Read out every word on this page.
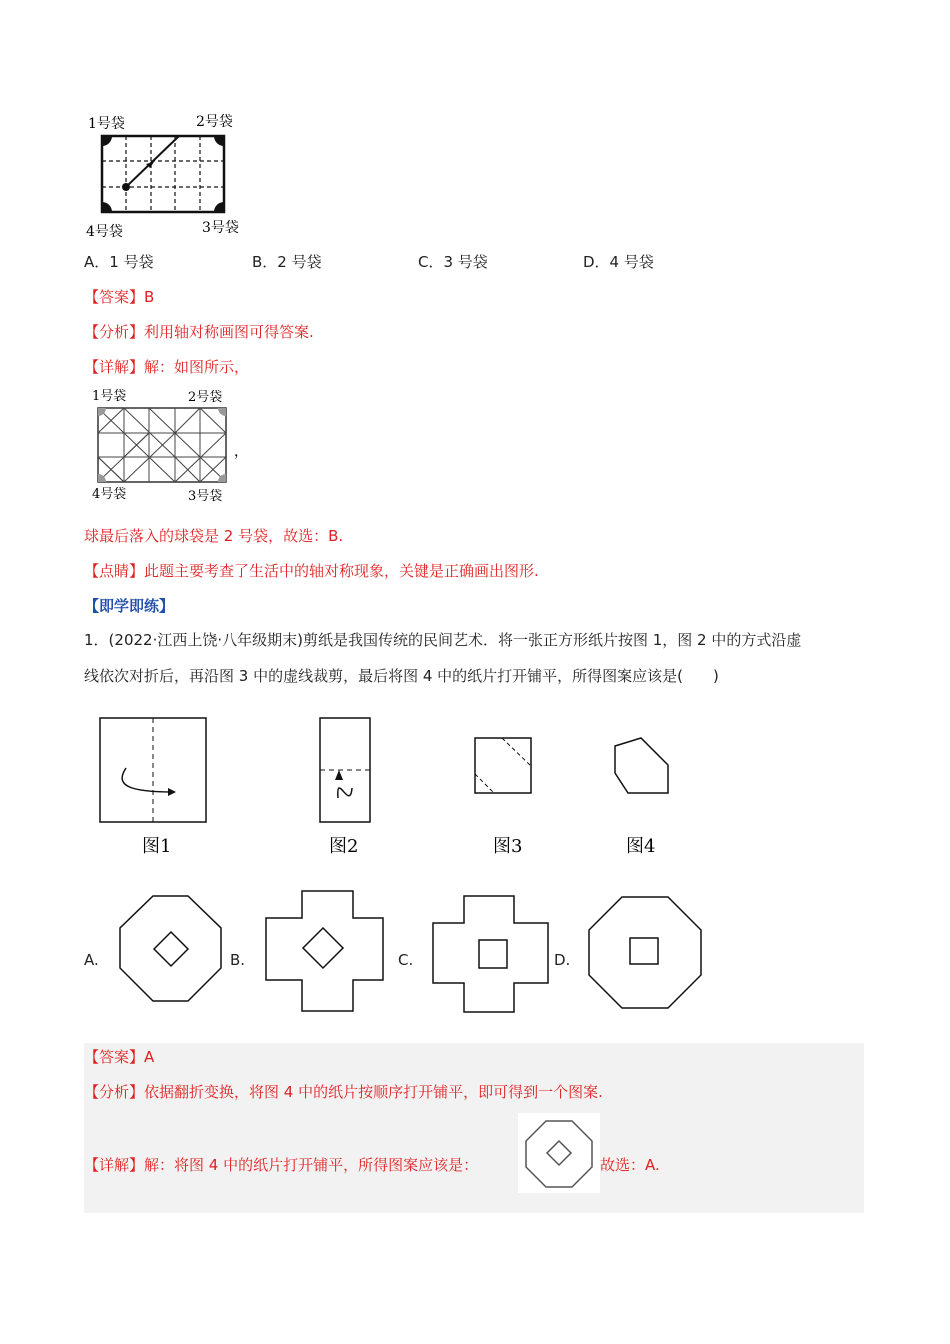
1号袋	2号袋
3号袋
4号袋
A．1 号袋	B．2 号袋	C．3 号袋	D．4 号袋
【答案】B
【分析】利用轴对称画图可得答案.
【详解】解：如图所示，
1号袋	2号袋
4号袋	3号袋
，
球最后落入的球袋是 2 号袋，故选：B.
【点睛】此题主要考查了生活中的轴对称现象，关键是正确画出图形.
【即学即练】
1．(2022·江西上饶·八年级期末)剪纸是我国传统的民间艺术．将一张正方形纸片按图 1，图 2 中的方式沿虚
线依次对折后，再沿图 3 中的虚线裁剪，最后将图 4 中的纸片打开铺平，所得图案应该是(　　)
图1	图2	图3	图4
A.	B.	C.	D.
【答案】A
【分析】依据翻折变换，将图 4 中的纸片按顺序打开铺平，即可得到一个图案.
【详解】解：将图 4 中的纸片打开铺平，所得图案应该是：	故选：A.
